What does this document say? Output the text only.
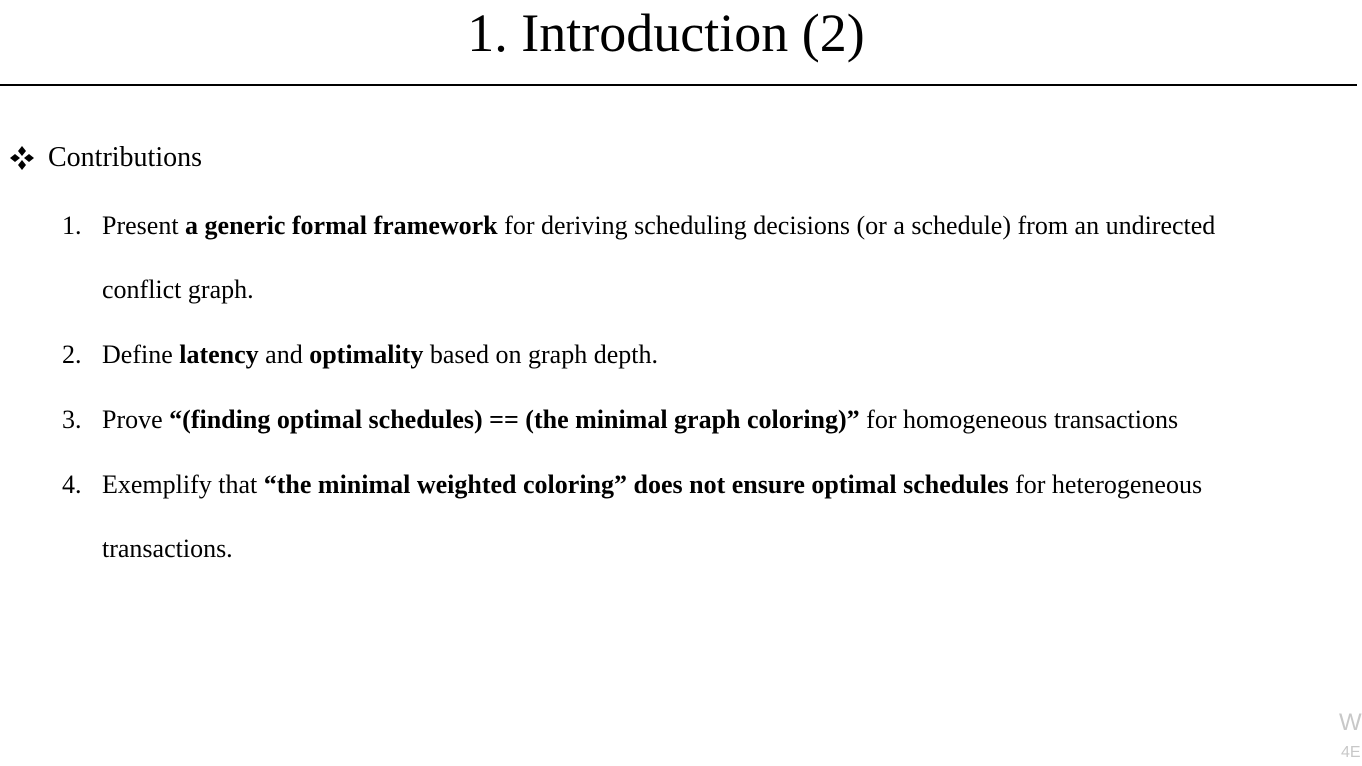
1. Introduction (2)
Contributions
1. Present a generic formal framework for deriving scheduling decisions (or a schedule) from an undirected conflict graph.
2. Define latency and optimality based on graph depth.
3. Prove “(finding optimal schedules) == (the minimal graph coloring)” for homogeneous transactions
4. Exemplify that “the minimal weighted coloring” does not ensure optimal schedules for heterogeneous transactions.
W
4E
